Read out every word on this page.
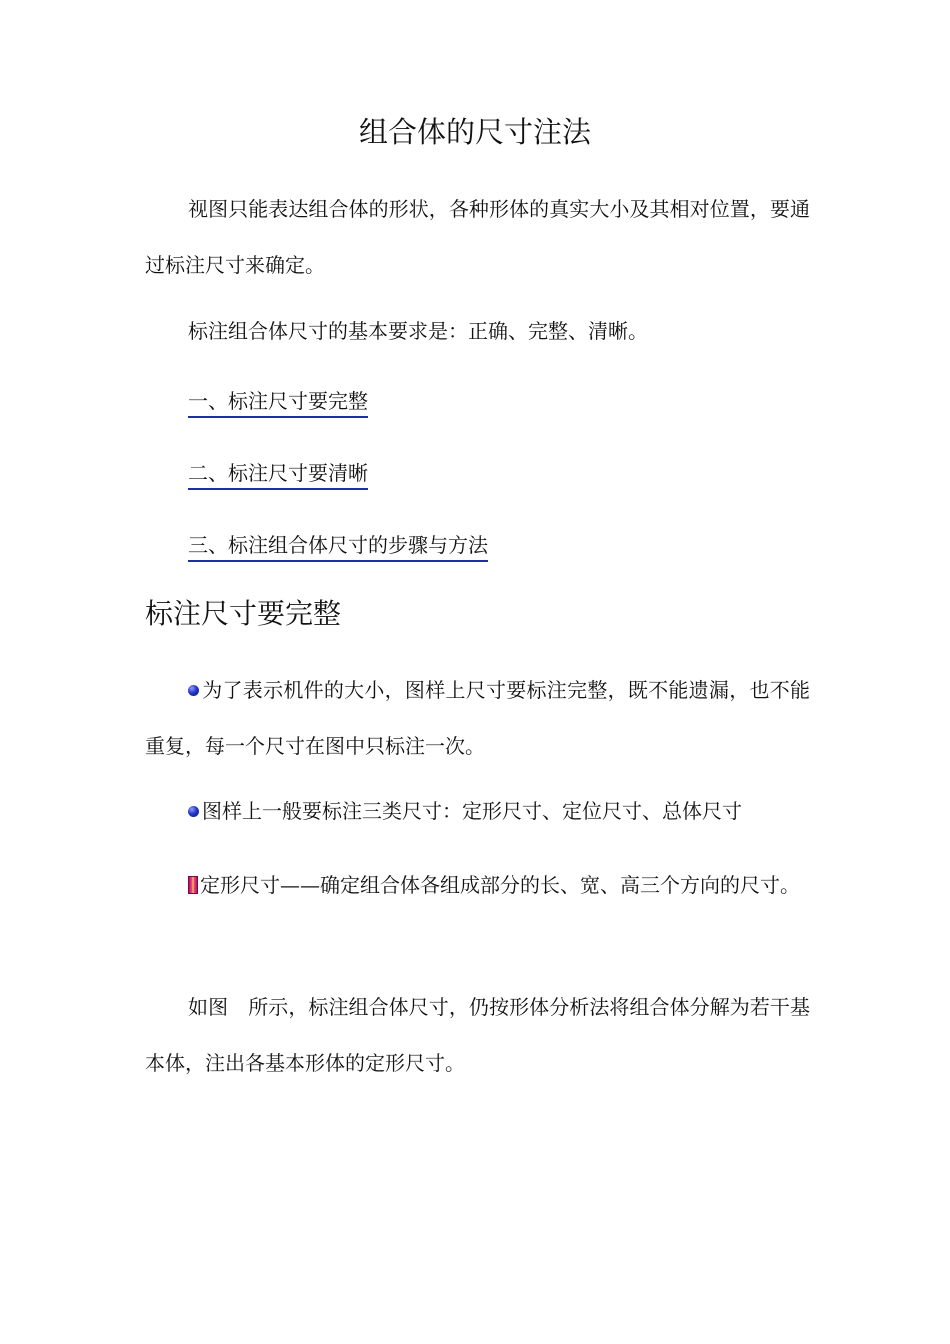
组合体的尺寸注法

视图只能表达组合体的形状，各种形体的真实大小及其相对位置，要通过标注尺寸来确定。

标注组合体尺寸的基本要求是：正确、完整、清晰。

一、标注尺寸要完整
二、标注尺寸要清晰
三、标注组合体尺寸的步骤与方法
标注尺寸要完整

为了表示机件的大小，图样上尺寸要标注完整，既不能遗漏，也不能重复，每一个尺寸在图中只标注一次。

图样上一般要标注三类尺寸：定形尺寸、定位尺寸、总体尺寸

定形尺寸——确定组合体各组成部分的长、宽、高三个方向的尺寸。

如图　所示，标注组合体尺寸，仍按形体分析法将组合体分解为若干基本体，注出各基本形体的定形尺寸。
